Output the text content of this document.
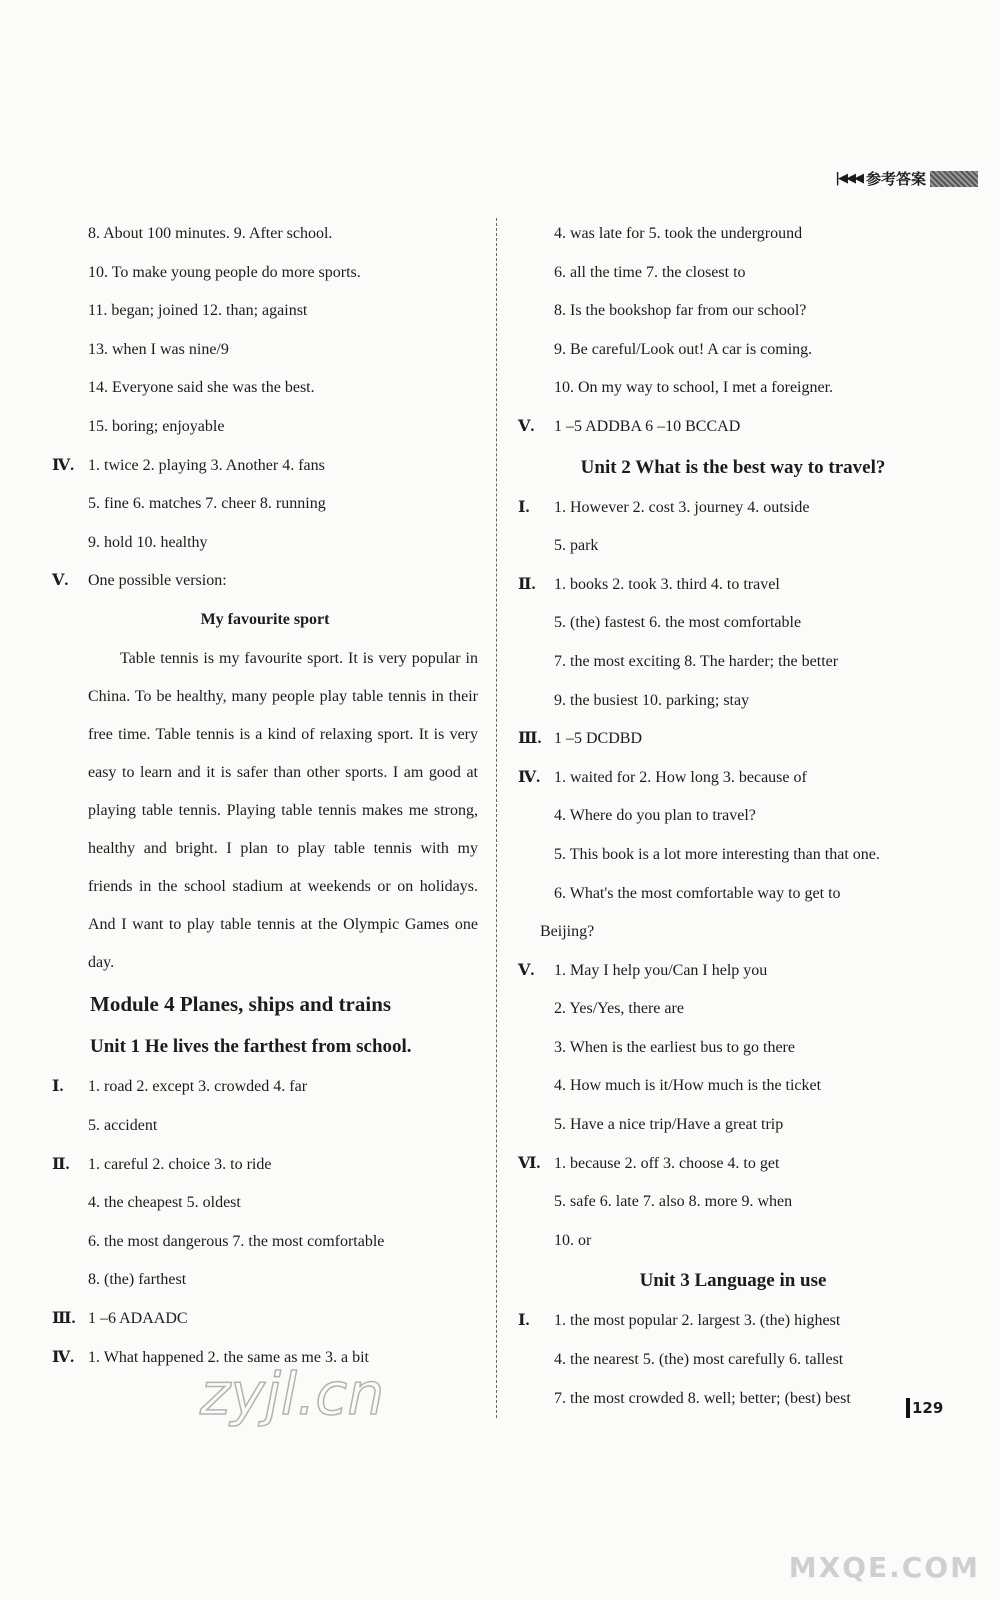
|◀◀◀ 参考答案
8. About 100 minutes. 9. After school.
10. To make young people do more sports.
11. began; joined 12. than; against
13. when I was nine/9
14. Everyone said she was the best.
15. boring; enjoyable
Ⅳ. 1. twice 2. playing 3. Another 4. fans
5. fine 6. matches 7. cheer 8. running
9. hold 10. healthy
Ⅴ.	One possible version:
My favourite sport
Table tennis is my favourite sport. It is very popular in China. To be healthy, many people play table tennis in their free time. Table tennis is a kind of relaxing sport. It is very easy to learn and it is safer than other sports. I am good at playing table tennis. Playing table tennis makes me strong, healthy and bright. I plan to play table tennis with my friends in the school stadium at weekends or on holidays. And I want to play table tennis at the Olympic Games one day.
Module 4 Planes, ships and trains
Unit 1 He lives the farthest from school.
Ⅰ.	1. road 2. except 3. crowded 4. far
5. accident
Ⅱ.	1. careful 2. choice 3. to ride
4. the cheapest 5. oldest
6. the most dangerous 7. the most comfortable
8. (the) farthest
Ⅲ. 1 –6 ADAADC
Ⅳ. 1. What happened 2. the same as me 3. a bit
4. was late for 5. took the underground
6. all the time 7. the closest to
8. Is the bookshop far from our school?
9. Be careful/Look out! A car is coming.
10. On my way to school, I met a foreigner.
Ⅴ.	1 –5 ADDBA 6 –10 BCCAD
Unit 2 What is the best way to travel?
Ⅰ.	1. However 2. cost 3. journey 4. outside
5. park
Ⅱ.	1. books 2. took 3. third 4. to travel
5. (the) fastest 6. the most comfortable
7. the most exciting 8. The harder; the better
9. the busiest 10. parking; stay
Ⅲ. 1 –5 DCDBD
Ⅳ. 1. waited for 2. How long 3. because of
4. Where do you plan to travel?
5. This book is a lot more interesting than that one.
6. What's the most comfortable way to get to
Beijing?
Ⅴ.	1. May I help you/Can I help you
2. Yes/Yes, there are
3. When is the earliest bus to go there
4. How much is it/How much is the ticket
5. Have a nice trip/Have a great trip
Ⅵ. 1. because 2. off 3. choose 4. to get
5. safe 6. late 7. also 8. more 9. when
10. or
Unit 3 Language in use
Ⅰ.	1. the most popular 2. largest 3. (the) highest
4. the nearest 5. (the) most carefully 6. tallest
7. the most crowded 8. well; better; (best) best
129
zyjl.cn
MXQE.COM
